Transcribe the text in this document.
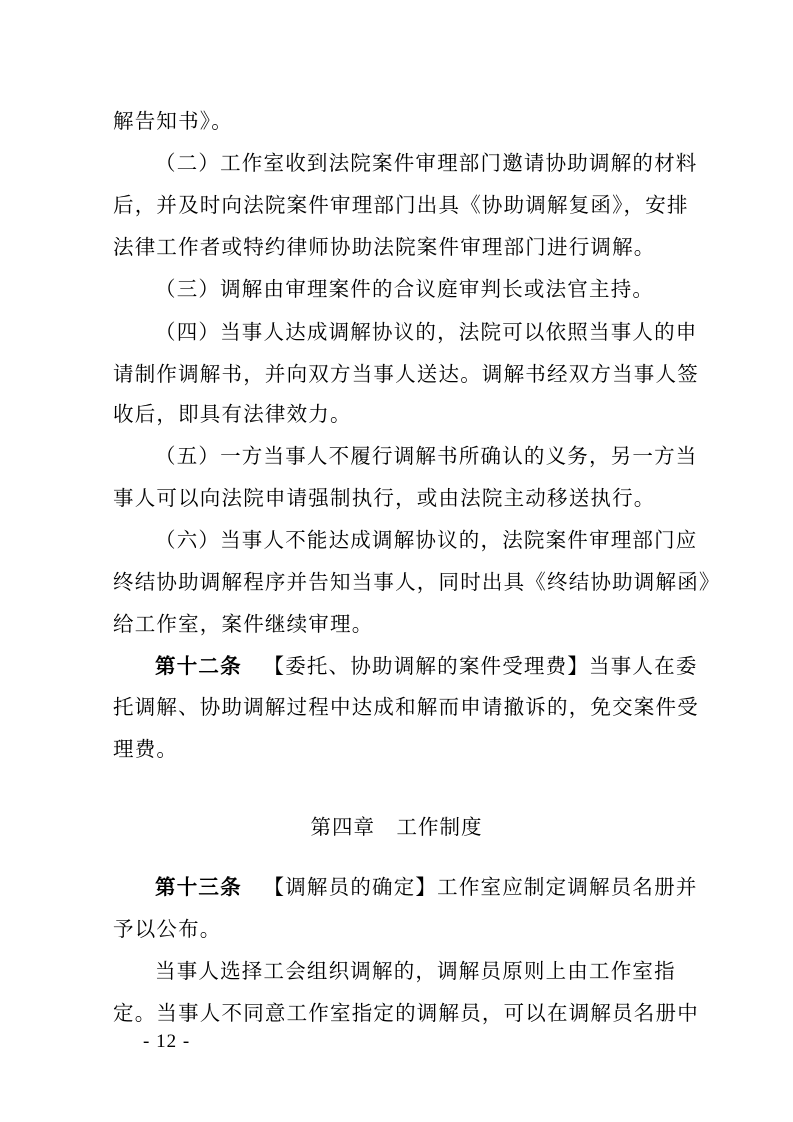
解告知书》。
（二）工作室收到法院案件审理部门邀请协助调解的材料
后，并及时向法院案件审理部门出具《协助调解复函》，安排
法律工作者或特约律师协助法院案件审理部门进行调解。
（三）调解由审理案件的合议庭审判长或法官主持。
（四）当事人达成调解协议的，法院可以依照当事人的申
请制作调解书，并向双方当事人送达。调解书经双方当事人签
收后，即具有法律效力。
（五）一方当事人不履行调解书所确认的义务，另一方当
事人可以向法院申请强制执行，或由法院主动移送执行。
（六）当事人不能达成调解协议的，法院案件审理部门应
终结协助调解程序并告知当事人，同时出具《终结协助调解函》
给工作室，案件继续审理。
第十二条  【委托、协助调解的案件受理费】当事人在委
托调解、协助调解过程中达成和解而申请撤诉的，免交案件受
理费。
第四章　工作制度
第十三条  【调解员的确定】工作室应制定调解员名册并
予以公布。
当事人选择工会组织调解的，调解员原则上由工作室指
定。当事人不同意工作室指定的调解员，可以在调解员名册中
- 12 -
